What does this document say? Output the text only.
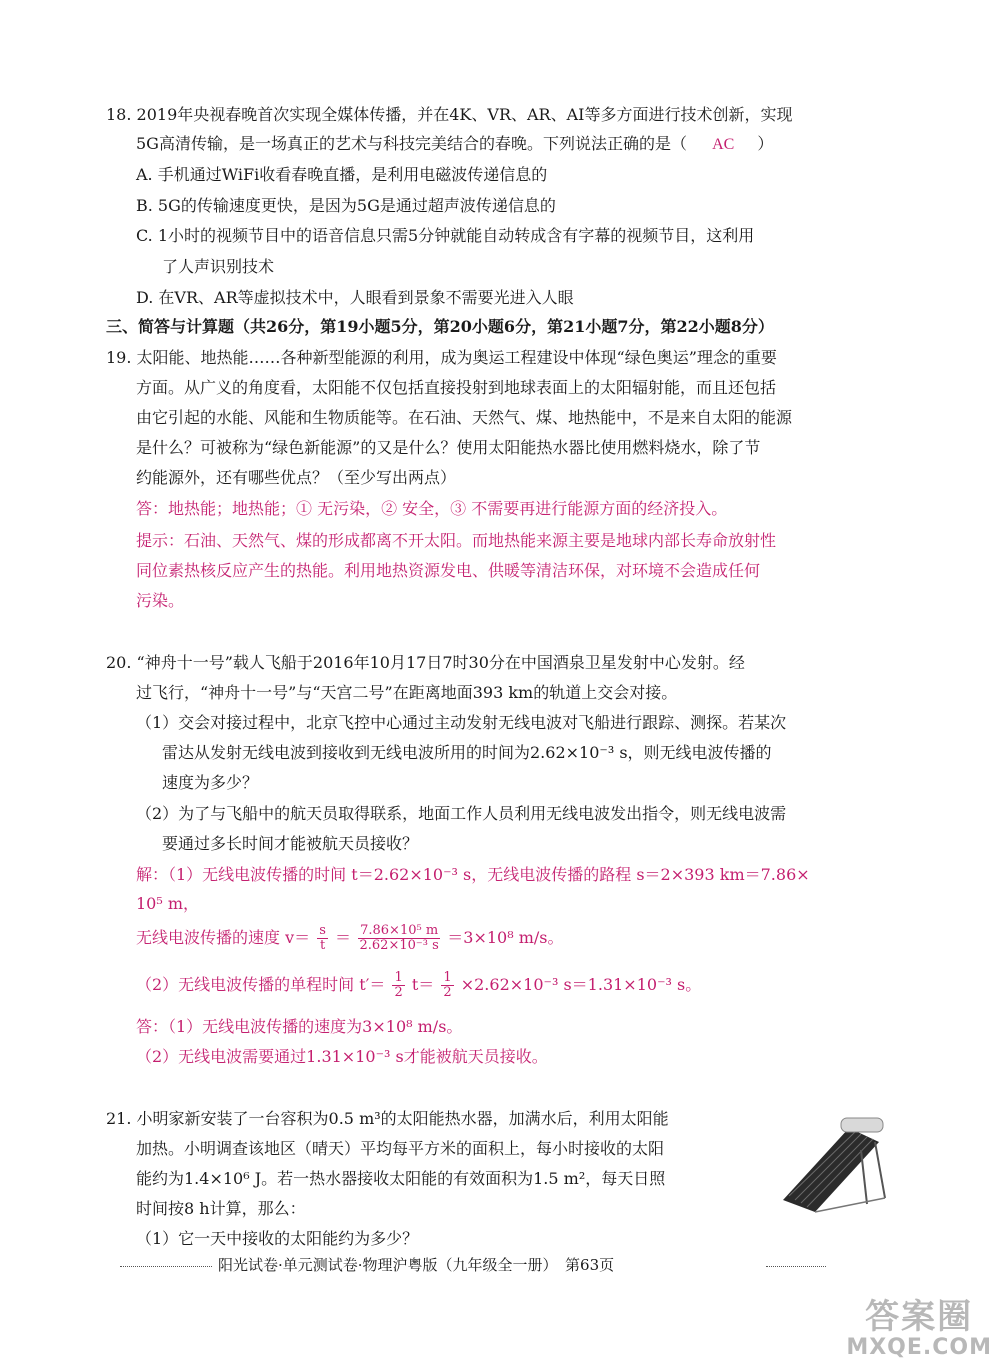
18. 2019年央视春晚首次实现全媒体传播，并在4K、VR、AR、AI等多方面进行技术创新，实现
5G高清传输，是一场真正的艺术与科技完美结合的春晚。下列说法正确的是（ AC ）
A. 手机通过WiFi收看春晚直播，是利用电磁波传递信息的
B. 5G的传输速度更快，是因为5G是通过超声波传递信息的
C. 1小时的视频节目中的语音信息只需5分钟就能自动转成含有字幕的视频节目，这利用
了人声识别技术
D. 在VR、AR等虚拟技术中，人眼看到景象不需要光进入人眼
三、简答与计算题（共26分，第19小题5分，第20小题6分，第21小题7分，第22小题8分）
19. 太阳能、地热能……各种新型能源的利用，成为奥运工程建设中体现“绿色奥运”理念的重要
方面。从广义的角度看，太阳能不仅包括直接投射到地球表面上的太阳辐射能，而且还包括
由它引起的水能、风能和生物质能等。在石油、天然气、煤、地热能中，不是来自太阳的能源
是什么？可被称为“绿色新能源”的又是什么？使用太阳能热水器比使用燃料烧水，除了节
约能源外，还有哪些优点？（至少写出两点）
答：地热能；地热能；① 无污染，② 安全，③ 不需要再进行能源方面的经济投入。
提示：石油、天然气、煤的形成都离不开太阳。而地热能来源主要是地球内部长寿命放射性
同位素热核反应产生的热能。利用地热资源发电、供暖等清洁环保，对环境不会造成任何
污染。
20. “神舟十一号”载人飞船于2016年10月17日7时30分在中国酒泉卫星发射中心发射。经
过飞行，“神舟十一号”与“天宫二号”在距离地面393 km的轨道上交会对接。
（1）交会对接过程中，北京飞控中心通过主动发射无线电波对飞船进行跟踪、测探。若某次
雷达从发射无线电波到接收到无线电波所用的时间为2.62×10⁻³ s，则无线电波传播的
速度为多少？
（2）为了与飞船中的航天员取得联系，地面工作人员利用无线电波发出指令，则无线电波需
要通过多长时间才能被航天员接收？
解：（1）无线电波传播的时间 t＝2.62×10⁻³ s，无线电波传播的路程 s＝2×393 km＝7.86×
10⁵ m，
无线电波传播的速度 $v= \frac{s}{t} = \frac{\text{7.86×10⁵ m}}{\text{2.62×10⁻³ s}} =3\times 10^8$ m/s。
（2）无线电波传播的单程时间 $t'= \frac{1}{2} t= \frac{1}{2} \times 2.62\times 10^{-3}$ s＝1.31×10⁻³ s。
答：（1）无线电波传播的速度为3×10⁸ m/s。
（2）无线电波需要通过1.31×10⁻³ s才能被航天员接收。
21. 小明家新安装了一台容积为0.5 m³的太阳能热水器，加满水后，利用太阳能
加热。小明调查该地区（晴天）平均每平方米的面积上，每小时接收的太阳
能约为1.4×10⁶ J。若一热水器接收太阳能的有效面积为1.5 m²，每天日照
时间按8 h计算，那么：
（1）它一天中接收的太阳能约为多少？
阳光试卷·单元测试卷·物理沪粤版（九年级全一册）　第63页
答案圈
MXQE.COM
